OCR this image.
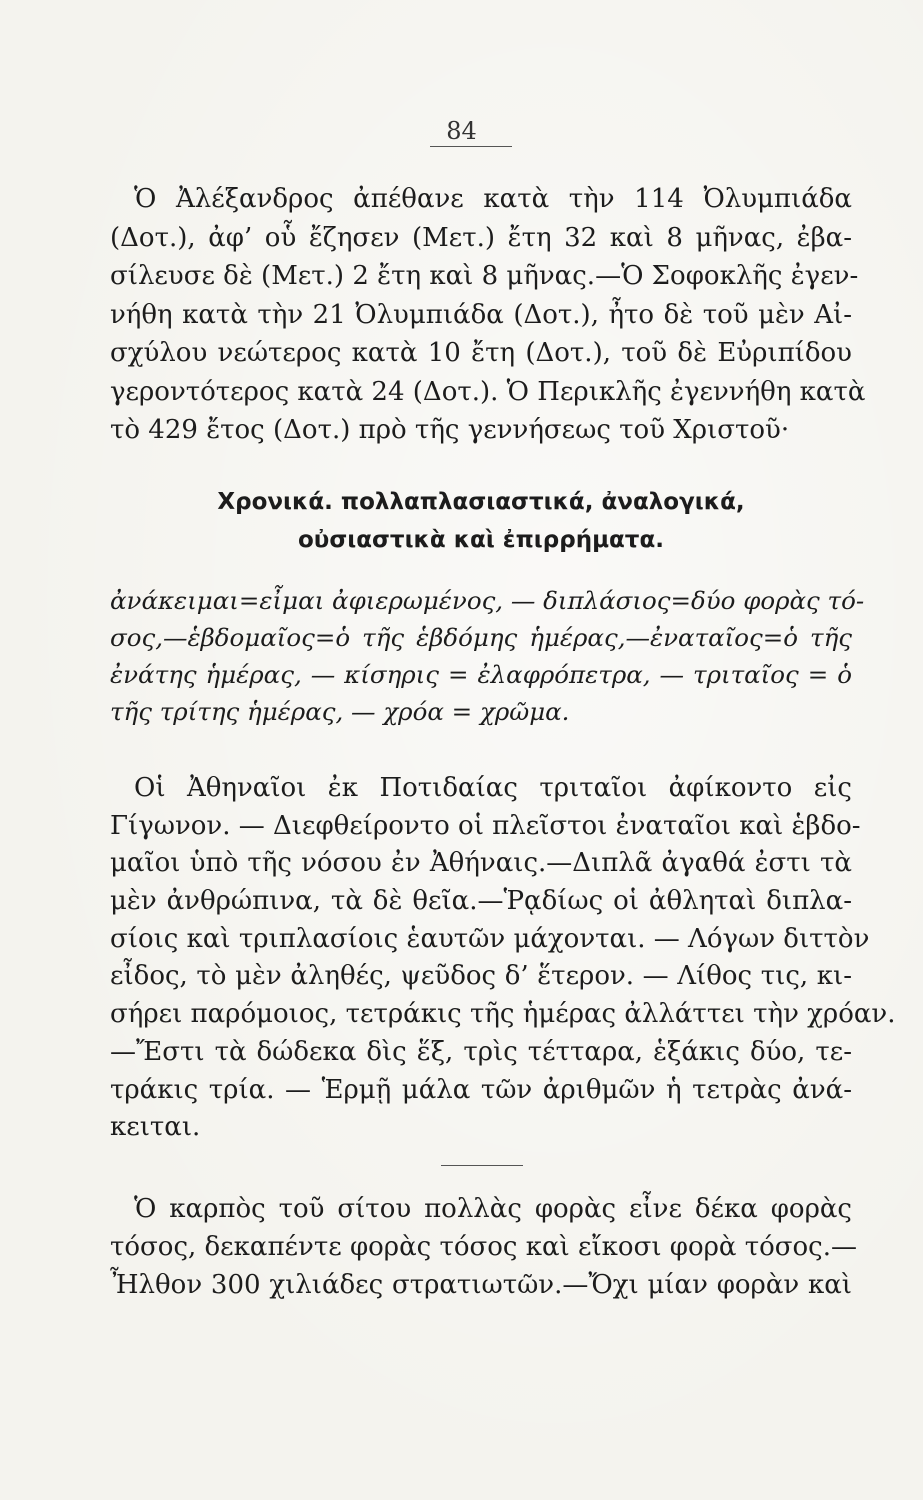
84
Ὁ Ἀλέξανδρος ἀπέθανε κατὰ τὴν 114 Ὀλυμπιάδα
(Δοτ.), ἀφ’ οὗ ἔζησεν (Μετ.) ἔτη 32 καὶ 8 μῆνας, ἐβα-
σίλευσε δὲ (Μετ.) 2 ἔτη καὶ 8 μῆνας.—Ὁ Σοφοκλῆς ἐγεν-
νήθη κατὰ τὴν 21 Ὀλυμπιάδα (Δοτ.), ἦτο δὲ τοῦ μὲν Αἰ-
σχύλου νεώτερος κατὰ 10 ἔτη (Δοτ.), τοῦ δὲ Εὐριπίδου
γεροντότερος κατὰ 24 (Δοτ.). Ὁ Περικλῆς ἐγεννήθη κατὰ
τὸ 429 ἔτος (Δοτ.) πρὸ τῆς γεννήσεως τοῦ Χριστοῦ·
Χρονικά. πολλαπλασιαστικά, ἀναλογικά,
οὐσιαστικὰ καὶ ἐπιρρήματα.
ἀνάκειμαι=εἶμαι ἀφιερωμένος, — διπλάσιος=δύο φορὰς τό-
σος,—ἑβδομαῖος=ὁ τῆς ἑβδόμης ἡμέρας,—ἐναταῖος=ὁ τῆς
ἐνάτης ἡμέρας, — κίσηρις = ἐλαφρόπετρα, — τριταῖος = ὁ
τῆς τρίτης ἡμέρας, — χρόα = χρῶμα.
Οἱ Ἀθηναῖοι ἐκ Ποτιδαίας τριταῖοι ἀφίκοντο εἰς
Γίγωνον. — Διεφθείροντο οἱ πλεῖστοι ἐναταῖοι καὶ ἑβδο-
μαῖοι ὑπὸ τῆς νόσου ἐν Ἀθήναις.—Διπλᾶ ἀγαθά ἐστι τὰ
μὲν ἀνθρώπινα, τὰ δὲ θεῖα.—Ῥᾳδίως οἱ ἀθληταὶ διπλα-
σίοις καὶ τριπλασίοις ἑαυτῶν μάχονται. — Λόγων διττὸν
εἶδος, τὸ μὲν ἀληθές, ψεῦδος δ’ ἕτερον. — Λίθος τις, κι-
σήρει παρόμοιος, τετράκις τῆς ἡμέρας ἀλλάττει τὴν χρόαν.
—Ἔστι τὰ δώδεκα δὶς ἕξ, τρὶς τέτταρα, ἑξάκις δύο, τε-
τράκις τρία. — Ἑρμῇ μάλα τῶν ἀριθμῶν ἡ τετρὰς ἀνά-
κειται.
Ὁ καρπὸς τοῦ σίτου πολλὰς φορὰς εἶνε δέκα φορὰς
τόσος, δεκαπέντε φορὰς τόσος καὶ εἴκοσι φορὰ τόσος.—
Ἦλθον 300 χιλιάδες στρατιωτῶν.—Ὄχι μίαν φορὰν καὶ
